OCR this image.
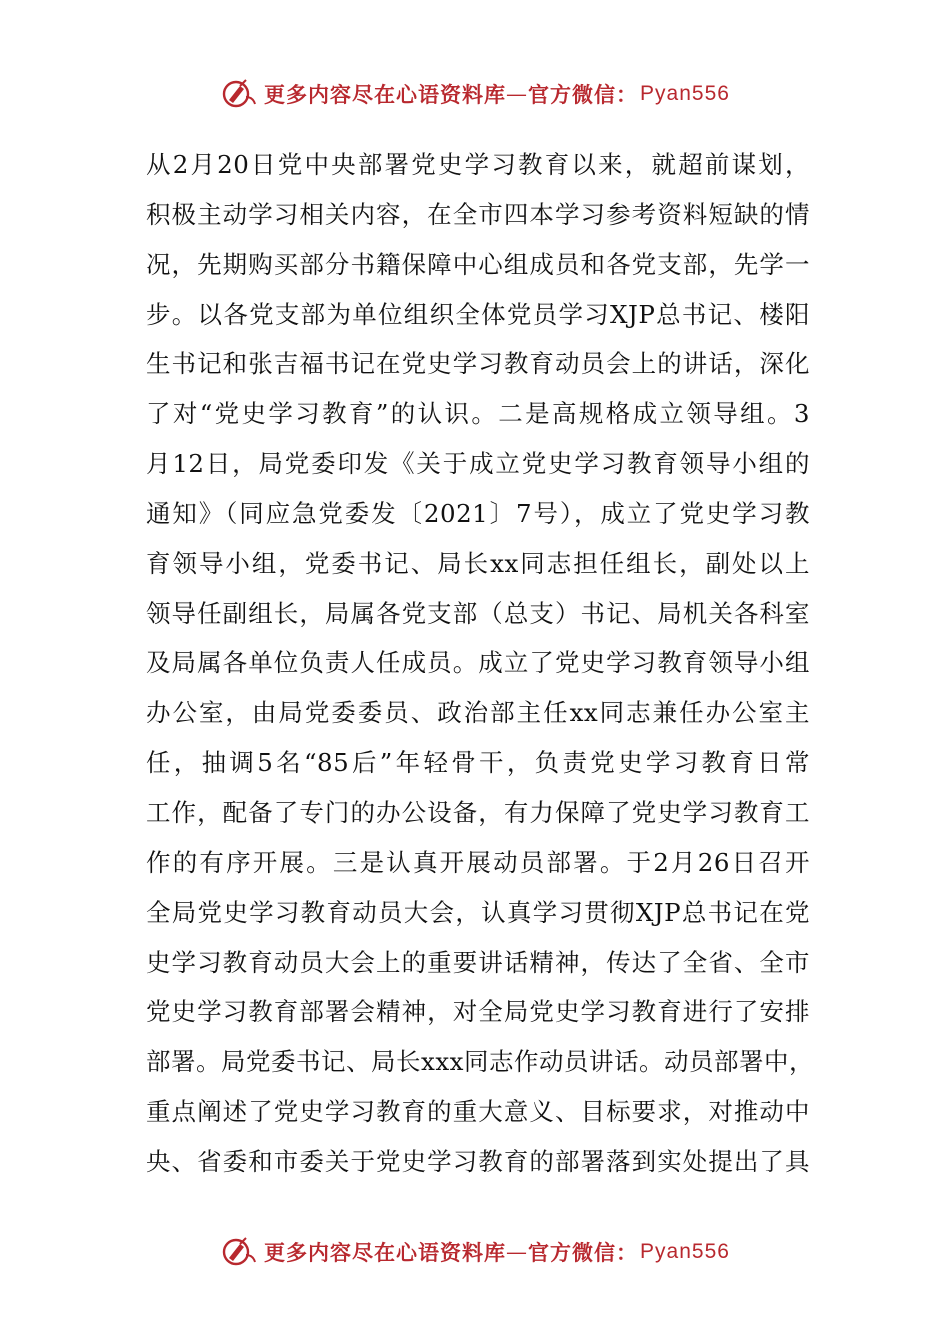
更多内容尽在心语资料库 — 官方微信： Pyan556
从2月20日党中央部署党史学习教育以来，就超前谋划，
积极主动学习相关内容，在全市四本学习参考资料短缺的情
况，先期购买部分书籍保障中心组成员和各党支部，先学一
步。以各党支部为单位组织全体党员学习XJP总书记、楼阳
生书记和张吉福书记在党史学习教育动员会上的讲话，深化
了对“党史学习教育”的认识。二是高规格成立领导组。3
月12日，局党委印发《关于成立党史学习教育领导小组的
通知》（同应急党委发〔2021〕7号），成立了党史学习教
育领导小组，党委书记、局长xx同志担任组长，副处以上
领导任副组长，局属各党支部（总支）书记、局机关各科室
及局属各单位负责人任成员。成立了党史学习教育领导小组
办公室，由局党委委员、政治部主任xx同志兼任办公室主
任，抽调5名“85后”年轻骨干，负责党史学习教育日常
工作，配备了专门的办公设备，有力保障了党史学习教育工
作的有序开展。三是认真开展动员部署。于2月26日召开
全局党史学习教育动员大会，认真学习贯彻XJP总书记在党
史学习教育动员大会上的重要讲话精神，传达了全省、全市
党史学习教育部署会精神，对全局党史学习教育进行了安排
部署。局党委书记、局长xxx同志作动员讲话。动员部署中，
重点阐述了党史学习教育的重大意义、目标要求，对推动中
央、省委和市委关于党史学习教育的部署落到实处提出了具
更多内容尽在心语资料库 — 官方微信： Pyan556
